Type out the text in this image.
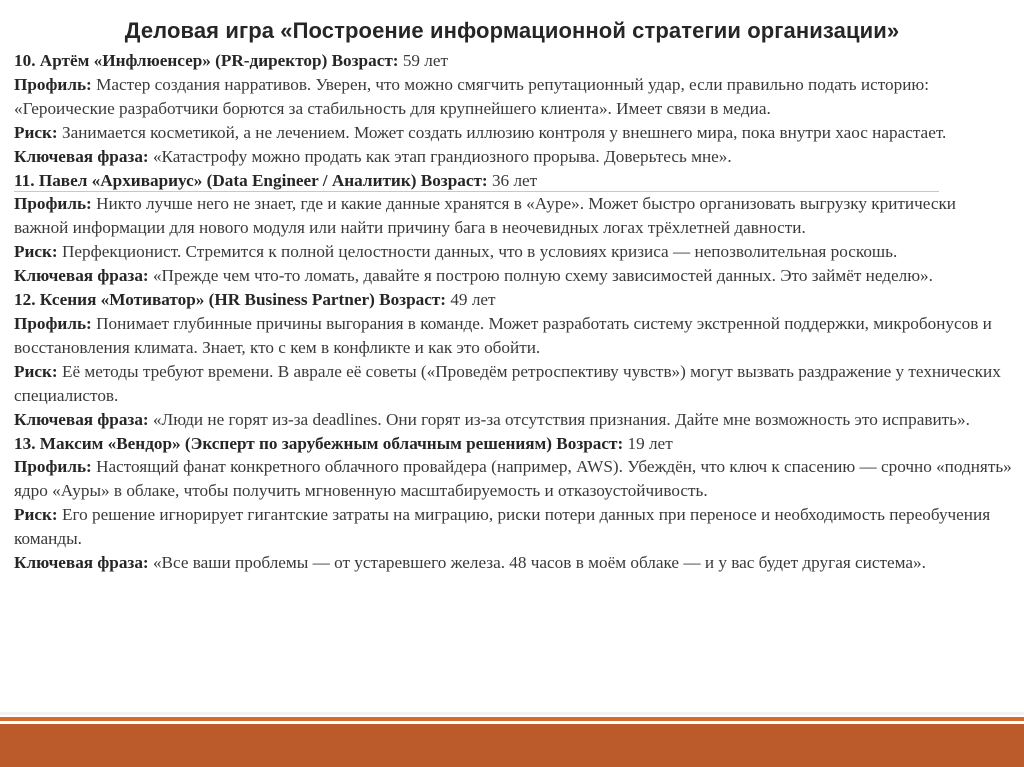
Деловая игра «Построение информационной стратегии организации»

10. Артём «Инфлюенсер» (PR-директор) Возраст: 59 лет

Профиль: Мастер создания нарративов. Уверен, что можно смягчить репутационный удар, если правильно подать историю: «Героические разработчики борются за стабильность для крупнейшего клиента». Имеет связи в медиа.

Риск: Занимается косметикой, а не лечением. Может создать иллюзию контроля у внешнего мира, пока внутри хаос нарастает.

Ключевая фраза: «Катастрофу можно продать как этап грандиозного прорыва. Доверьтесь мне».

11. Павел «Архивариус» (Data Engineer / Аналитик) Возраст: 36 лет

Профиль: Никто лучше него не знает, где и какие данные хранятся в «Ауре». Может быстро организовать выгрузку критически важной информации для нового модуля или найти причину бага в неочевидных логах трёхлетней давности.

Риск: Перфекционист. Стремится к полной целостности данных, что в условиях кризиса — непозволительная роскошь.

Ключевая фраза: «Прежде чем что-то ломать, давайте я построю полную схему зависимостей данных. Это займёт неделю».

12. Ксения «Мотиватор» (HR Business Partner) Возраст: 49 лет

Профиль: Понимает глубинные причины выгорания в команде. Может разработать систему экстренной поддержки, микробонусов и восстановления климата. Знает, кто с кем в конфликте и как это обойти.

Риск: Её методы требуют времени. В аврале её советы («Проведём ретроспективу чувств») могут вызвать раздражение у технических специалистов.

Ключевая фраза: «Люди не горят из-за deadlines. Они горят из-за отсутствия признания. Дайте мне возможность это исправить».

13. Максим «Вендор» (Эксперт по зарубежным облачным решениям) Возраст: 19 лет

Профиль: Настоящий фанат конкретного облачного провайдера (например, AWS). Убеждён, что ключ к спасению — срочно «поднять» ядро «Ауры» в облаке, чтобы получить мгновенную масштабируемость и отказоустойчивость.

Риск: Его решение игнорирует гигантские затраты на миграцию, риски потери данных при переносе и необходимость переобучения команды.

Ключевая фраза: «Все ваши проблемы — от устаревшего железа. 48 часов в моём облаке — и у вас будет другая система».
